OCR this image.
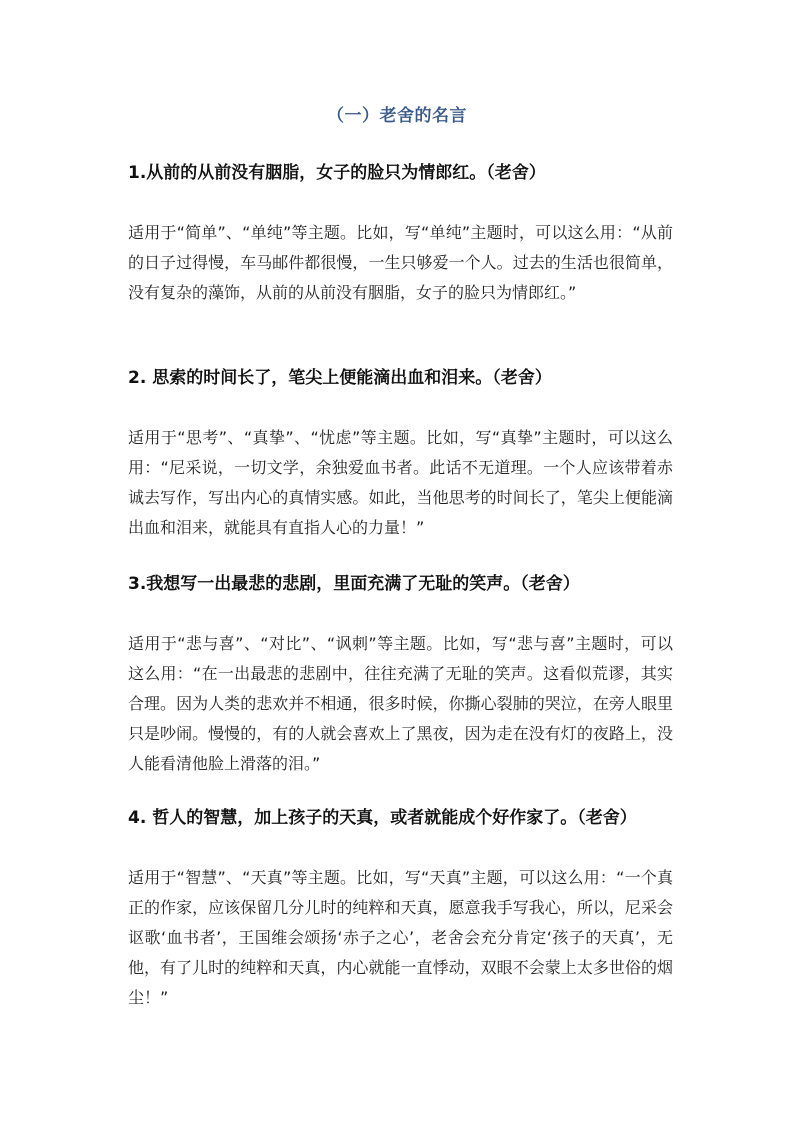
（一）老舍的名言

1.从前的从前没有胭脂，女子的脸只为情郎红。（老舍）

适用于“简单”、“单纯”等主题。比如，写“单纯”主题时，可以这么用：“从前的日子过得慢，车马邮件都很慢，一生只够爱一个人。过去的生活也很简单，没有复杂的藻饰，从前的从前没有胭脂，女子的脸只为情郎红。”

2. 思索的时间长了，笔尖上便能滴出血和泪来。（老舍）

适用于“思考”、“真挚”、“忧虑”等主题。比如，写“真挚”主题时，可以这么用：“尼采说，一切文学，余独爱血书者。此话不无道理。一个人应该带着赤诚去写作，写出内心的真情实感。如此，当他思考的时间长了，笔尖上便能滴出血和泪来，就能具有直指人心的力量！”

3.我想写一出最悲的悲剧，里面充满了无耻的笑声。（老舍）

适用于“悲与喜”、“对比”、“讽刺”等主题。比如，写“悲与喜”主题时，可以这么用：“在一出最悲的悲剧中，往往充满了无耻的笑声。这看似荒谬，其实合理。因为人类的悲欢并不相通，很多时候，你撕心裂肺的哭泣，在旁人眼里只是吵闹。慢慢的，有的人就会喜欢上了黑夜，因为走在没有灯的夜路上，没人能看清他脸上滑落的泪。”

4. 哲人的智慧，加上孩子的天真，或者就能成个好作家了。（老舍）

适用于“智慧”、“天真”等主题。比如，写“天真”主题，可以这么用：“一个真正的作家，应该保留几分儿时的纯粹和天真，愿意我手写我心，所以，尼采会讴歌‘血书者’，王国维会颂扬‘赤子之心’，老舍会充分肯定‘孩子的天真’，无他，有了儿时的纯粹和天真，内心就能一直悸动，双眼不会蒙上太多世俗的烟尘！”
